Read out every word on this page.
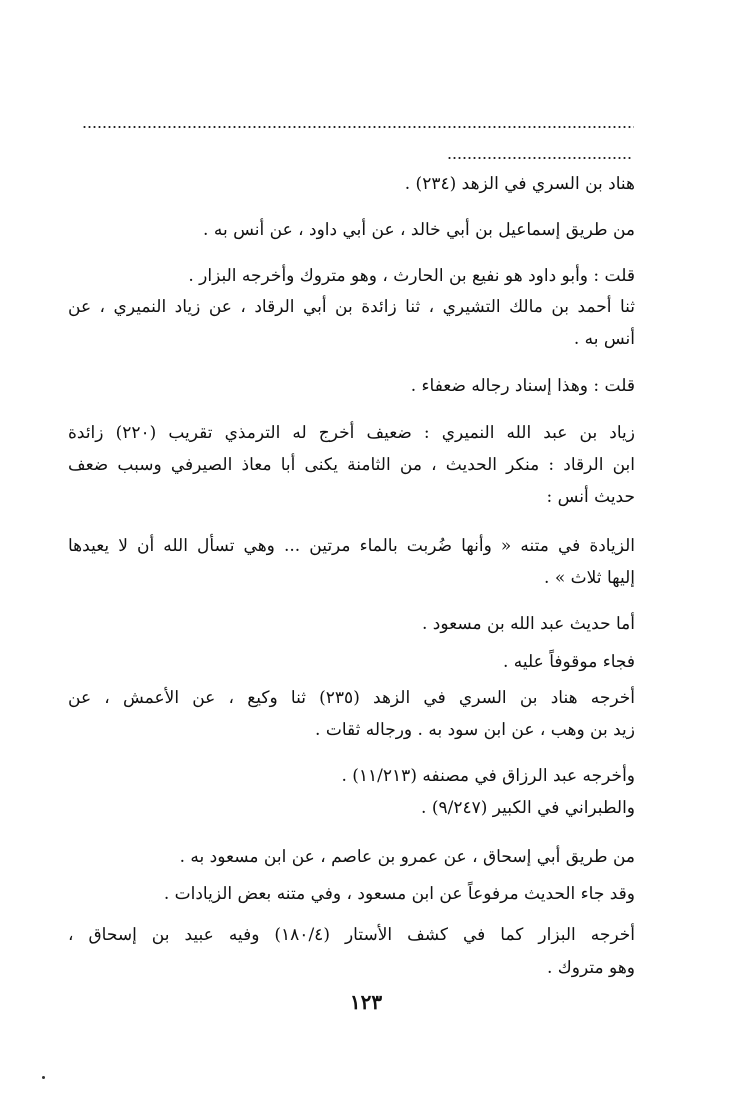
هناد بن السري في الزهد (٢٣٤) .
من طريق إسماعيل بن أبي خالد ، عن أبي داود ، عن أنس به .
قلت : وأبو داود هو نفيع بن الحارث ، وهو متروك وأخرجه البزار .
ثنا أحمد بن مالك التشيري ، ثنا زائدة بن أبي الرقاد ، عن زياد النميري ، عن
أنس به .
قلت : وهذا إسناد رجاله ضعفاء .
زياد بن عبد الله النميري : ضعيف أخرج له الترمذي تقريب (٢٢٠) زائدة
ابن الرقاد : منكر الحديث ، من الثامنة يكنى أبا معاذ الصيرفي وسبب ضعف
حديث أنس :
الزيادة في متنه « وأنها ضُربت بالماء مرتين ... وهي تسأل الله أن لا يعيدها
إليها ثلاث » .
أما حديث عبد الله بن مسعود .
فجاء موقوفاً عليه .
أخرجه هناد بن السري في الزهد (٢٣٥) ثنا وكيع ، عن الأعمش ، عن
زيد بن وهب ، عن ابن سود به . ورجاله ثقات .
وأخرجه عبد الرزاق في مصنفه (١١/٢١٣) .
والطبراني في الكبير (٩/٢٤٧) .
من طريق أبي إسحاق ، عن عمرو بن عاصم ، عن ابن مسعود به .
وقد جاء الحديث مرفوعاً عن ابن مسعود ، وفي متنه بعض الزيادات .
أخرجه البزار كما في كشف الأستار (١٨٠/٤) وفيه عبيد بن إسحاق ،
وهو متروك .
١٢٣
